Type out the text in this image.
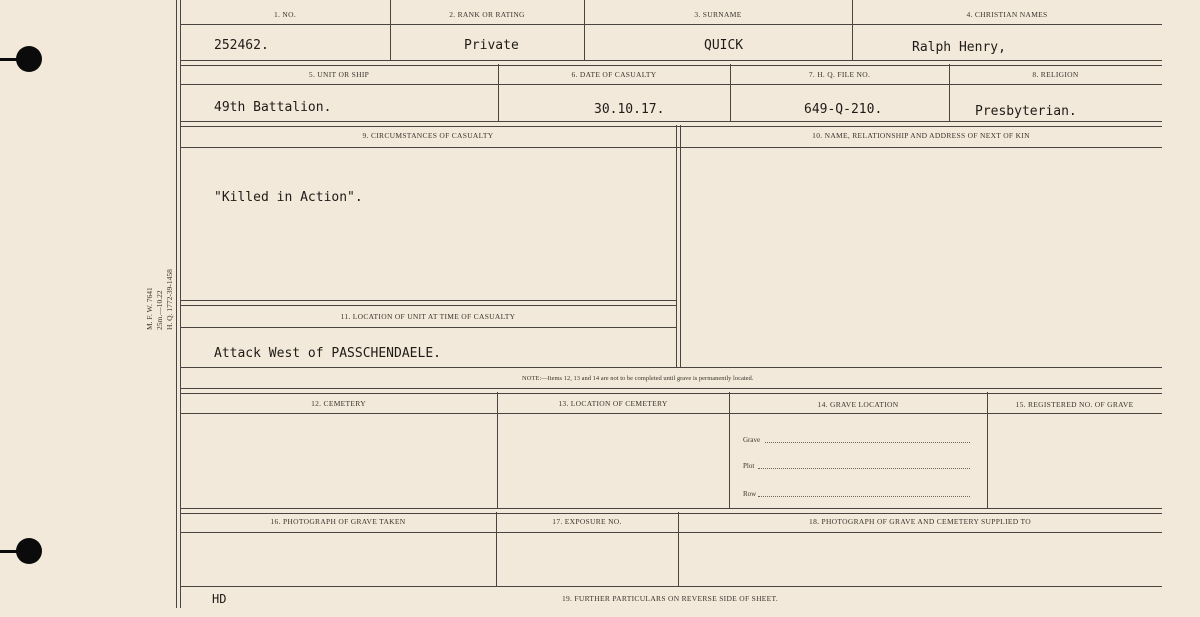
M. F. W. 7641 25m.—10.22 H. Q. 1772-39-1458
1. NO.	2. RANK OR RATING	3. SURNAME	4. CHRISTIAN NAMES
252462.	Private	QUICK	Ralph Henry,
5. UNIT OR SHIP	6. DATE OF CASUALTY	7. H. Q. FILE NO.	8. RELIGION
49th Battalion.	30.10.17.	649-Q-210.	Presbyterian.
9. CIRCUMSTANCES OF CASUALTY	10. NAME, RELATIONSHIP AND ADDRESS OF NEXT OF KIN
"Killed in Action".
11. LOCATION OF UNIT AT TIME OF CASUALTY
Attack West of PASSCHENDAELE.
NOTE:—Items 12, 13 and 14 are not to be completed until grave is permanently located.
12. CEMETERY	13. LOCATION OF CEMETERY	14. GRAVE LOCATION	15. REGISTERED NO. OF GRAVE
Grave
Plot
Row
16. PHOTOGRAPH OF GRAVE TAKEN	17. EXPOSURE NO.	18. PHOTOGRAPH OF GRAVE AND CEMETERY SUPPLIED TO
HD	19. FURTHER PARTICULARS ON REVERSE SIDE OF SHEET.
